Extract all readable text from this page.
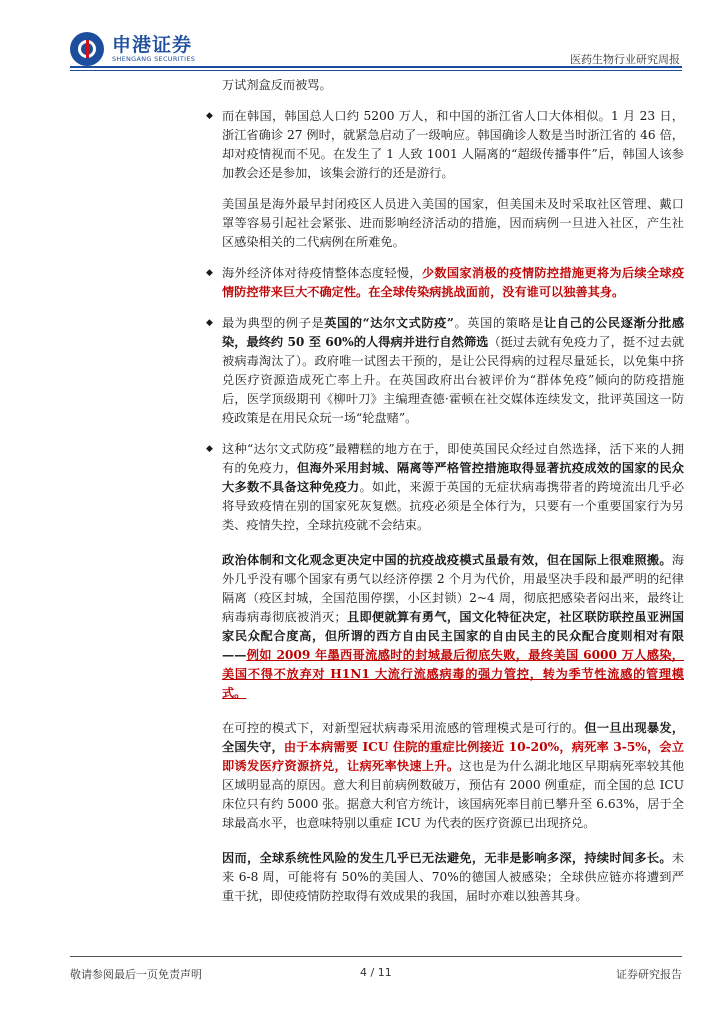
申港证券
SHENGANG SECURITIES	医药生物行业研究周报

万试剂盒反而被骂。

◆ 而在韩国，韩国总人口约 5200 万人，和中国的浙江省人口大体相似。1 月 23 日，浙江省确诊 27 例时，就紧急启动了一级响应。韩国确诊人数是当时浙江省的 46 倍，却对疫情视而不见。在发生了 1 人致 1001 人隔离的“超级传播事件”后，韩国人该参加教会还是参加，该集会游行的还是游行。

美国虽是海外最早封闭疫区人员进入美国的国家，但美国未及时采取社区管理、戴口罩等容易引起社会紧张、进而影响经济活动的措施，因而病例一旦进入社区，产生社区感染相关的二代病例在所难免。

◆ 海外经济体对待疫情整体态度轻慢，少数国家消极的疫情防控措施更将为后续全球疫情防控带来巨大不确定性。在全球传染病挑战面前，没有谁可以独善其身。

◆ 最为典型的例子是英国的“达尔文式防疫”。英国的策略是让自己的公民逐渐分批感染，最终约 50 至 60%的人得病并进行自然筛选（挺过去就有免疫力了，挺不过去就被病毒淘汰了）。政府唯一试图去干预的，是让公民得病的过程尽量延长，以免集中挤兑医疗资源造成死亡率上升。在英国政府出台被评价为“群体免疫”倾向的防疫措施后，医学顶级期刊《柳叶刀》主编理查德·霍顿在社交媒体连续发文，批评英国这一防疫政策是在用民众玩一场“轮盘赌”。

◆ 这种“达尔文式防疫”最糟糕的地方在于，即使英国民众经过自然选择，活下来的人拥有的免疫力，但海外采用封城、隔离等严格管控措施取得显著抗疫成效的国家的民众大多数不具备这种免疫力。如此，来源于英国的无症状病毒携带者的跨境流出几乎必将导致疫情在别的国家死灰复燃。抗疫必须是全体行为，只要有一个重要国家行为另类、疫情失控，全球抗疫就不会结束。

政治体制和文化观念更决定中国的抗疫战疫模式虽最有效，但在国际上很难照搬。海外几乎没有哪个国家有勇气以经济停摆 2 个月为代价，用最坚决手段和最严明的纪律隔离（疫区封城，全国范围停摆，小区封锁）2~4 周，彻底把感染者闷出来，最终让病毒病毒彻底被消灭；且即便就算有勇气，国文化特征决定，社区联防联控虽亚洲国家民众配合度高，但所谓的西方自由民主国家的自由民主的民众配合度则相对有限——例如 2009 年墨西哥流感时的封城最后彻底失败，最终美国 6000 万人感染，美国不得不放弃对 H1N1 大流行流感病毒的强力管控，转为季节性流感的管理模式。

在可控的模式下，对新型冠状病毒采用流感的管理模式是可行的。但一旦出现暴发，全国失守，由于本病需要 ICU 住院的重症比例接近 10-20%，病死率 3-5%，会立即诱发医疗资源挤兑，让病死率快速上升。这也是为什么湖北地区早期病死率较其他区域明显高的原因。意大利目前病例数破万，预估有 2000 例重症，而全国的总 ICU 床位只有约 5000 张。据意大利官方统计，该国病死率目前已攀升至 6.63%，居于全球最高水平，也意味特别以重症 ICU 为代表的医疗资源已出现挤兑。

因而，全球系统性风险的发生几乎已无法避免，无非是影响多深，持续时间多长。未来 6-8 周，可能将有 50%的美国人、70%的德国人被感染；全球供应链亦将遭到严重干扰，即使疫情防控取得有效成果的我国，届时亦难以独善其身。

敬请参阅最后一页免责声明	4 / 11	证券研究报告
